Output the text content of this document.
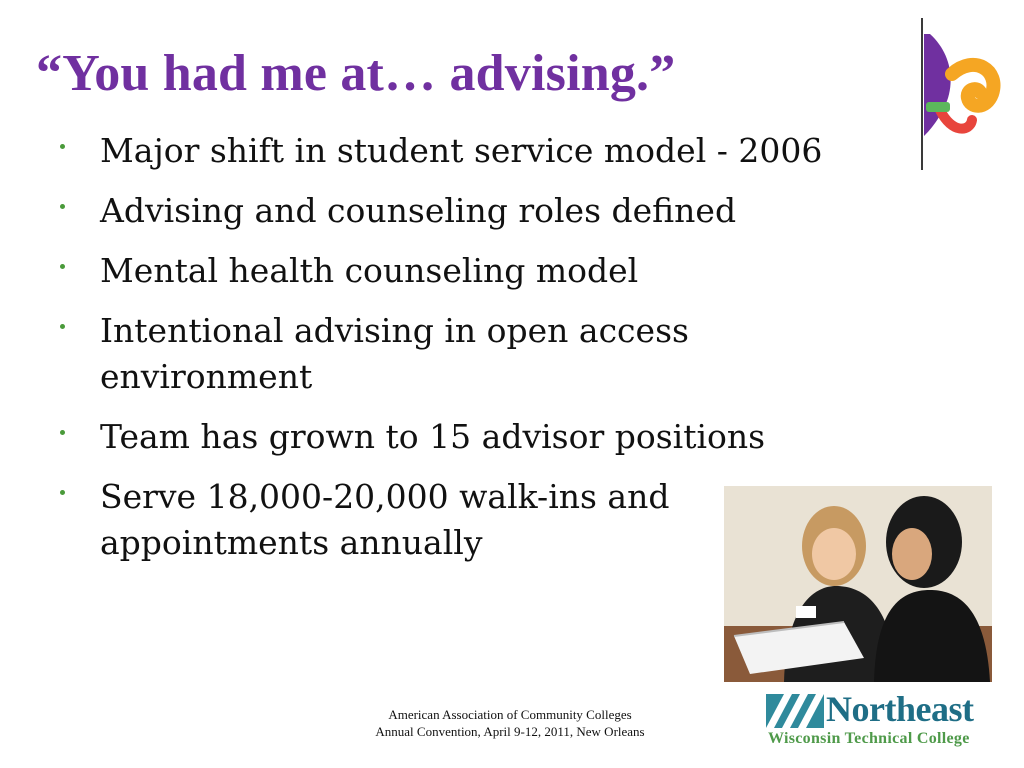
“You had me at… advising.”
Major shift in student service model - 2006
Advising and counseling roles defined
Mental health counseling model
Intentional advising in open access environment
Team has grown to 15 advisor positions
Serve 18,000-20,000 walk-ins and appointments annually
American Association of Community Colleges
Annual Convention, April 9-12, 2011, New Orleans
Northeast
Wisconsin Technical College
